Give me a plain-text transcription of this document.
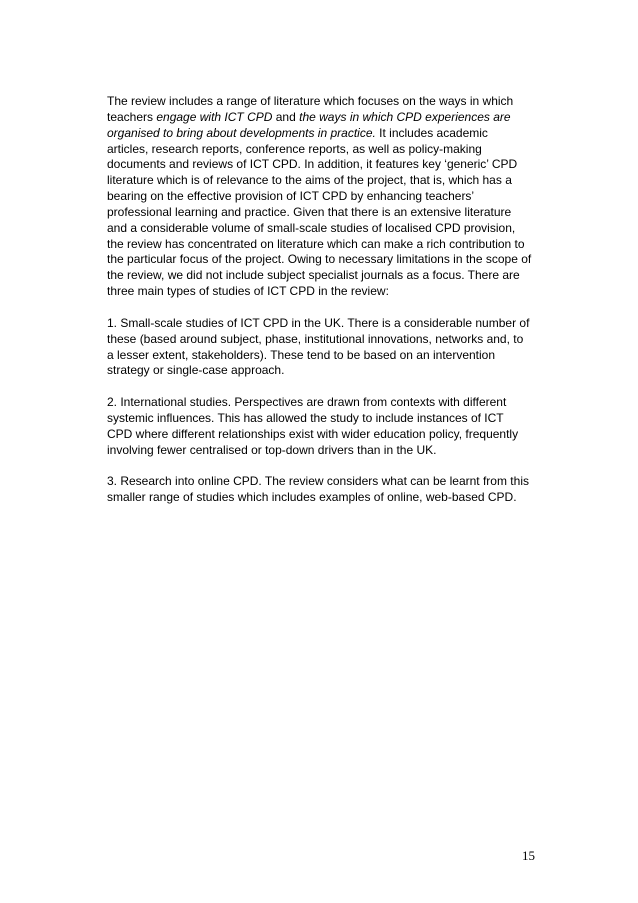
The review includes a range of literature which focuses on the ways in which teachers engage with ICT CPD and the ways in which CPD experiences are organised to bring about developments in practice. It includes academic articles, research reports, conference reports, as well as policy-making documents and reviews of ICT CPD. In addition, it features key ‘generic’ CPD literature which is of relevance to the aims of the project, that is, which has a bearing on the effective provision of ICT CPD by enhancing teachers’ professional learning and practice. Given that there is an extensive literature and a considerable volume of small-scale studies of localised CPD provision, the review has concentrated on literature which can make a rich contribution to the particular focus of the project. Owing to necessary limitations in the scope of the review, we did not include subject specialist journals as a focus. There are three main types of studies of ICT CPD in the review:

1. Small-scale studies of ICT CPD in the UK. There is a considerable number of these (based around subject, phase, institutional innovations, networks and, to a lesser extent, stakeholders). These tend to be based on an intervention strategy or single-case approach.

2. International studies. Perspectives are drawn from contexts with different systemic influences. This has allowed the study to include instances of ICT CPD where different relationships exist with wider education policy, frequently involving fewer centralised or top-down drivers than in the UK.

3. Research into online CPD. The review considers what can be learnt from this smaller range of studies which includes examples of online, web-based CPD.

15
